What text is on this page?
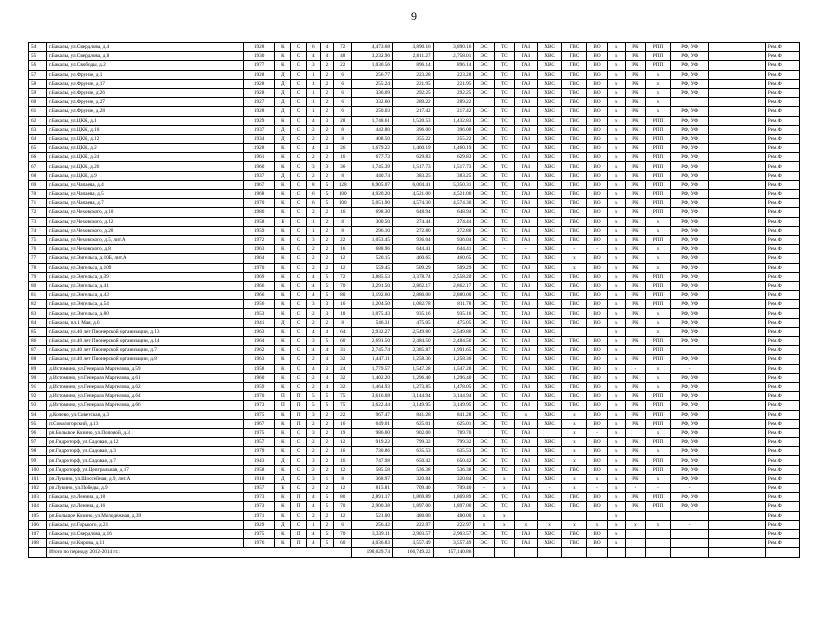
9
54	г.Бакалы, ул.Свердлова, д.4	1928	К	С	6	4	72	4,473.68	3,890.16	3,890.16	ЭС	ТС	ГАЗ	ХВС	ГВС	ВО	х	РК	РПП	РФ, УФ		Рем.Ф
55	г.Бакалы, ул.Свердлова, д.8	1930	К	С	4	4	48	3,232.96	2,811.27	2,758.01	ЭС	ТС	ГАЗ	ХВС	ГВС	ВО	х	РК	РПП	РФ, УФ		Рем.Ф
56	г.Бакалы, ул.Свободы, д.2	1977	К	С	3	2	22	1,030.56	896.14	896.14	ЭС	ТС	ГАЗ	ХВС	ГВС	ВО	х	РК	РПП	РФ, УФ		Рем.Ф
57	г.Бакалы, ул.Фрунзе, д.1	1928	Д	С	1	2	6	256.77	223.28	223.28	ЭС	ТС	ГАЗ	ХВС	ГВС	ВО	х	РК	х	РФ, УФ		Рем.Ф
58	г.Бакалы, ул.Фрунзе, д.17	1928	Д	С	1	2	6	255.24	221.95	221.95	ЭС	ТС	ГАЗ	ХВС	ГВС	ВО	х	РК	х	РФ, УФ		Рем.Ф
59	г.Бакалы, ул.Фрунзе, д.26	1928	Д	С	1	2	6	336.09	292.25	292.25	ЭС	ТС	ГАЗ	ХВС	ГВС	ВО	х	РК	х	РФ, УФ		Рем.Ф
60	г.Бакалы, ул.Фрунзе, д.27	1927	Д	С	1	2	6	332.60	289.22	289.22		ТС	ГАЗ	ХВС	ГВС	ВО	х	РК	х			Рем.Ф
61	г.Бакалы, ул.Фрунзе, д.28	1928	Д	С	1	2	6	250.03	217.42	217.42	ЭС	ТС	ГАЗ	ХВС	ГВС	ВО	х	РК	х	РФ, УФ		Рем.Ф
62	г.Бакалы, ул.ЦКК, д.1	1929	К	С	4	3	28	1,748.61	1,520.53	1,432.83	ЭС	ТС	ГАЗ	ХВС	ГВС	ВО	х	РК	РПП	РФ, УФ		Рем.Ф
63	г.Бакалы, ул.ЦКК, д.10	1937	Д	С	2	2	8	442.80	396.00	396.00	ЭС	ТС	ГАЗ	ХВС	ГВС	ВО	х	РК	РПП	РФ, УФ		Рем.Ф
64	г.Бакалы, ул.ЦКК, д.12	1934	Д	С	2	2	8	408.50	355.22	355.22	ЭС	ТС	ГАЗ	ХВС	ГВС	ВО	х	РК	РПП	РФ, УФ		Рем.Ф
65	г.Бакалы, ул.ЦКК, д.2	1928	К	С	4	3	26	1,679.22	1,460.19	1,460.19	ЭС	ТС	ГАЗ	ХВС	ГВС	ВО	х	РК	РПП	РФ, УФ		Рем.Ф
66	г.Бакалы, ул.ЦКК, д.24	1961	К	С	2	2	16	677.73	629.83	629.83	ЭС	ТС	ГАЗ	ХВС	ГВС	ВО	х	РК	РПП	РФ, УФ		Рем.Ф
67	г.Бакалы, ул.ЦКК, д.26	1960	К	С	3	3	36	1,745.39	1,517.73	1,517.73	ЭС	ТС	ГАЗ	ХВС	ГВС	ВО	х	РК	РПП	РФ, УФ		Рем.Ф
68	г.Бакалы, ул.ЦКК, д.9	1937	Д	С	2	2	8	440.74	383.25	383.25	ЭС	ТС	ГАЗ	ХВС	ГВС	ВО	х	РК	РПП	РФ, УФ		Рем.Ф
69	г.Бакалы, ул.Чапаева, д.4	1967	К	С	8	5	128	6,905.07	6,004.41	5,350.31	ЭС	ТС	ГАЗ	ХВС	ГВС	ВО	х	РК	РПП	РФ, УФ		Рем.Ф
70	г.Бакалы, ул.Чапаева, д.5	1968	К	С	6	5	100	4,920.20	4,521.00	4,521.00	ЭС	ТС	ГАЗ	ХВС	ГВС	ВО	х	РК	РПП	РФ, УФ		Рем.Ф
71	г.Бакалы, ул.Чапаева, д.7	1970	К	С	6	5	100	5,051.90	4,574.30	4,574.30	ЭС	ТС	ГАЗ	ХВС	ГВС	ВО	х	РК	РПП	РФ, УФ		Рем.Ф
72	г.Бакалы, ул.Чеховского, д.10	1980	К	С	2	2	16	698.30	648.94	648.94	ЭС	ТС	ГАЗ	ХВС	ГВС	ВО	х	РК	РПП	РФ, УФ		Рем.Ф
73	г.Бакалы, ул.Чеховского, д.12	1958	Б	С	1	2	8	300.50	274.44	274.44	ЭС	ТС	ГАЗ	ХВС	ГВС	ВО	х	РК	х	РФ, УФ		Рем.Ф
74	г.Бакалы, ул.Чеховского, д.20	1959	К	С	1	2	8	296.10	272.80	272.80	ЭС	ТС	ГАЗ	ХВС	ГВС	ВО	х	РК	х	РФ, УФ		Рем.Ф
75	г.Бакалы, ул.Чеховского, д.5, лит.А	1972	К	С	3	2	22	1,053.45	936.04	936.04	ЭС	ТС	ГАЗ	ХВС	ГВС	ВО	х	РК	РПП	РФ, УФ		Рем.Ф
76	г.Бакалы, ул.Чеховского, д.8	1963	К	С	2	2	16	688.96	644.41	644.41	ЭС	-	-	ХВС	-	-	х	РК	х	РФ, УФ		Рем.Ф
77	г.Бакалы, ул.Энгельса, д.10Б, лит.А	1964	К	С	2	2	12	520.15	460.65	460.65	ЭС	ТС	ГАЗ	ХВС	х	ВО	х	РК	х	РФ, УФ		Рем.Ф
78	г.Бакалы, ул.Энгельса, д.109	1970	К	С	2	2	12	559.45	509.29	509.29	ЭС	ТС	ГАЗ	ХВС	х	ВО	х	РК	х	РФ, УФ		Рем.Ф
79	г.Бакалы, ул.Энгельса, д.39	1969	К	С	4	5	72	3,885.53	3,378.74	2,558.20	ЭС	ТС	ГАЗ	ХВС	ГВС	ВО	х	РК	РПП	РФ, УФ		Рем.Ф
80	г.Бакалы, ул.Энгельса, д.41	1966	К	С	4	5	70	3,291.50	2,862.17	2,862.17	ЭС	ТС	ГАЗ	ХВС	ГВС	ВО	х	РК	РПП	РФ, УФ		Рем.Ф
81	г.Бакалы, ул.Энгельса, д.43	1966	К	С	4	5	80	3,192.60	2,880.00	2,880.00	ЭС	ТС	ГАЗ	ХВС	ГВС	ВО	х	РК	РПП	РФ, УФ		Рем.Ф
82	г.Бакалы, ул.Энгельса, д.54	1956	К	С	3	3	16	1,204.50	1,082.78	811.78	ЭС	ТС	ГАЗ	ХВС	ГВС	ВО	х	РК	РПП	РФ, УФ		Рем.Ф
83	г.Бакалы, ул.Энгельса, д.80	1953	К	С	2	3	18	1,075.43	935.16	935.16	ЭС	ТС	ГАЗ	ХВС	ГВС	ВО	х	РК	х	РФ, УФ		Рем.Ф
84	г.Бакалы, пл.1 Мая, д.6	1941	Д	С	2	2	8	546.31	475.05	475.05	ЭС	ТС	ГАЗ	ХВС	ГВС	ВО	х	РК	х	РФ, УФ		Рем.Ф
85	г.Бакалы, ул.40 лет Пионерской организации, д.13	1963	К	С	4	4	64	2,932.27	2,549.80	2,549.80	ЭС	ТС	ГАЗ	ХВС			х		х	РФ, УФ		Рем.Ф
86	г.Бакалы, ул.40 лет Пионерской организации, д.14	1964	К	С	3	5	60	2,691.50	2,484.50	2,484.50	ЭС	ТС	ГАЗ	ХВС	ГВС	ВО	х	РК	РПП	РФ, УФ		Рем.Ф
87	г.Бакалы, ул.40 лет Пионерской организации, д.7	1962	К	С	4	4	31	2,745.74	2,385.87	1,991.65	ЭС	ТС	ГАЗ	ХВС	ГВС	ВО	х		РПП			Рем.Ф
88	г.Бакалы, ул.40 лет Пионерской организации, д.8	1963	К	С	2	4	32	1,447.11	1,258.36	1,258.36	ЭС	ТС	ГАЗ	ХВС	ГВС	ВО	х	РК	РПП	РФ, УФ		Рем.Ф
89	д.Истомино, ул.Генерала Маргелова, д.59	1958	К	С	4	3	24	1,779.57	1,547.28	1,547.28	ЭС	ТС	ГАЗ	ХВС	ГВС	ВО	х	-	х	-		Рем.Ф
90	д.Истомино, ул.Генерала Маргелова, д.61	1960	К	С	2	4	32	1,402.20	1,296.40	1,296.40	ЭС	ТС	ГАЗ	ХВС	ГВС	ВО	х	РК	х	РФ, УФ		Рем.Ф
91	д.Истомино, ул.Генерала Маргелова, д.62	1959	К	С	2	4	32	1,464.93	1,273.85	1,478.05	ЭС	ТС	ГАЗ	ХВС	ГВС	ВО	х	РК	х	РФ, УФ		Рем.Ф
92	д.Истомино, ул.Генерала Маргелова, д.64	1970	П	П	5	5	75	3,616.08	3,144.94	3,144.94	ЭС	ТС	ГАЗ	ХВС	ГВС	ВО	х	РК	РПП	РФ, УФ		Рем.Ф
93	д.Истомино, ул.Генерала Маргелова, д.66	1973	П	П	5	5	75	3,622.44	3,149.95	3,149.95	ЭС	ТС	ГАЗ	ХВС	ГВС	ВО	х	РК	РПП	РФ, УФ		Рем.Ф
94	д.Кочево, ул.Советская, д.3	1975	К	П	3	2	22	967.47	841.28	841.28	ЭС	ТС	х	ХВС	х	ВО	х	РК	РПП	РФ, УФ		Рем.Ф
95	п.Сокологорский, д.13	1967	К	П	2	2	16	649.01	625.01	625.01	ЭС	ТС	ГАЗ	ХВС	х	ВО	х	РК	РПП	РФ, УФ		Рем.Ф
96	рп.Большое Козино, ул.Поповой, д.3	1975	К	С	3	2	19	986.00	902.00	789.70		ТС	ГАЗ		х	-	х		х	РФ, УФ		Рем.Ф
97	рп.Гидроторф, ул.Садовая, д.12	1957	К	С	2	2	12	919.22	799.32	799.32	ЭС	ТС	ГАЗ	ХВС	х	ВО	х	РК	РПП	РФ, УФ		Рем.Ф
98	рп.Гидроторф, ул.Садовая, д.3	1979	К	С	2	2	16	730.86	635.53	635.53	ЭС	ТС	ГАЗ	ХВС	х	ВО	х	РК	х	РФ, УФ		Рем.Ф
99	рп.Гидроторф, ул.Садовая, д.7	1943	Д	С	3	2	16	747.98	650.42	650.42	ЭС	ТС	ГАЗ	ХВС	х	ВО	х	РК	РПП	РФ, УФ		Рем.Ф
100	рп.Гидроторф, ул.Центральная, д.17	1958	К	С	2	2	12	585.58	536.38	536.38	ЭС	ТС	ГАЗ	ХВС	ГВС	ВО	х	РК	РПП	РФ, УФ		Рем.Ф
101	рп.Лукино, ул.Шоссейная, д.9, лит.А	1910	Д	С	3	1	8	368.97	320.84	320.84	ЭС	х	ГАЗ	ХВС	х	х	х	РК	х	РФ, УФ		Рем.Ф
102	рп.Лукино, ул.Победы, д.9	1957	Б	С	2	2	12	815.81	709.40	709.40	-	х	ГАЗ	-	х	-	х	-	-	-		Рем.Ф
103	г.Бакалы, ул.Ленина, д.18	1973	К	П	4	5	80	2,891.17	1,869.89	1,869.89	ЭС	ТС	ГАЗ	ХВС	ГВС	ВО	х	РК	РПП	РФ, УФ		Рем.Ф
104	г.Бакалы, ул.Ленина, д.16	1973	К	П	4	5	70	2,900.38	1,897.00	1,897.00	ЭС	ТС	ГАЗ	ХВС	ГВС	ВО	х	РК	РПП	РФ, УФ		Рем.Ф
105	рп.Большое Козино, ул.Молодежная, д.39	1971	К	С	2	2	12	521.00	480.00	480.00	х	х					х					Рем.Ф
106	г.Бакалы, ул.Горького, д.21	1929	Д	С	1	2	6	256.42	222.97	222.97	х	х	х	х	х	х	х	х	х	-		Рем.Ф
107	г.Бакалы, ул.Свердлова, д.16	1975	К	П	4	5	70	3,339.11	2,903.57	2,903.57	ЭС	ТС	ГАЗ	ХВС	ГВС	ВО	х					Рем.Ф
108	г.Бакалы, ул.Кирова, д.11	1976	К	П	4	5	60	4,036.83	3,557.49	3,557.49	ЭС	ТС	ГАЗ	ХВС	ГВС	ВО	х					Рем.Ф
	Итого по периоду 2012-2014 гг.:							190,629.74	166,749.22	157,140.86												
